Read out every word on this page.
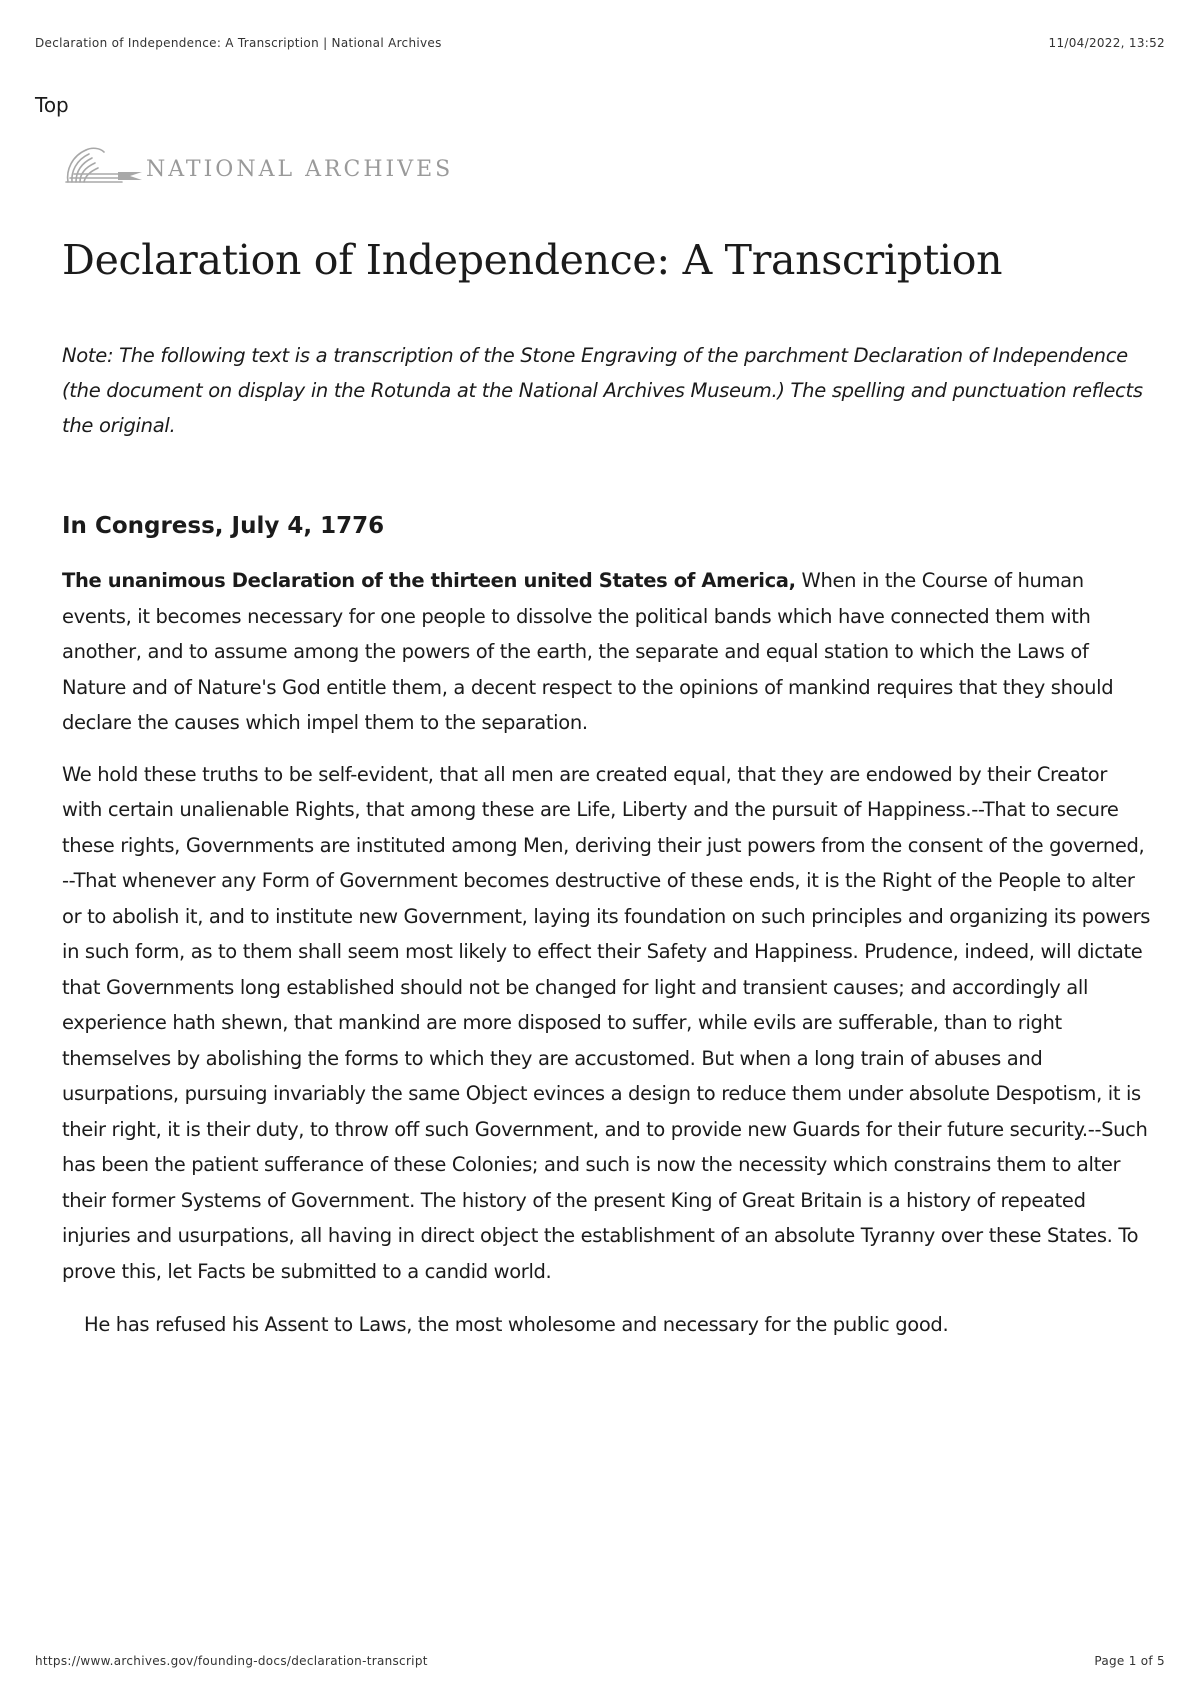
Declaration of Independence: A Transcription | National Archives	11/04/2022, 13:52
Top
NATIONAL ARCHIVES
Declaration of Independence: A Transcription

Note: The following text is a transcription of the Stone Engraving of the parchment Declaration of Independence (the document on display in the Rotunda at the National Archives Museum.) The spelling and punctuation reflects the original.

In Congress, July 4, 1776

The unanimous Declaration of the thirteen united States of America, When in the Course of human events, it becomes necessary for one people to dissolve the political bands which have connected them with another, and to assume among the powers of the earth, the separate and equal station to which the Laws of Nature and of Nature's God entitle them, a decent respect to the opinions of mankind requires that they should declare the causes which impel them to the separation.

We hold these truths to be self-evident, that all men are created equal, that they are endowed by their Creator with certain unalienable Rights, that among these are Life, Liberty and the pursuit of Happiness.--That to secure these rights, Governments are instituted among Men, deriving their just powers from the consent of the governed, --That whenever any Form of Government becomes destructive of these ends, it is the Right of the People to alter or to abolish it, and to institute new Government, laying its foundation on such principles and organizing its powers in such form, as to them shall seem most likely to effect their Safety and Happiness. Prudence, indeed, will dictate that Governments long established should not be changed for light and transient causes; and accordingly all experience hath shewn, that mankind are more disposed to suffer, while evils are sufferable, than to right themselves by abolishing the forms to which they are accustomed. But when a long train of abuses and usurpations, pursuing invariably the same Object evinces a design to reduce them under absolute Despotism, it is their right, it is their duty, to throw off such Government, and to provide new Guards for their future security.--Such has been the patient sufferance of these Colonies; and such is now the necessity which constrains them to alter their former Systems of Government. The history of the present King of Great Britain is a history of repeated injuries and usurpations, all having in direct object the establishment of an absolute Tyranny over these States. To prove this, let Facts be submitted to a candid world.

He has refused his Assent to Laws, the most wholesome and necessary for the public good.

https://www.archives.gov/founding-docs/declaration-transcript	Page 1 of 5
